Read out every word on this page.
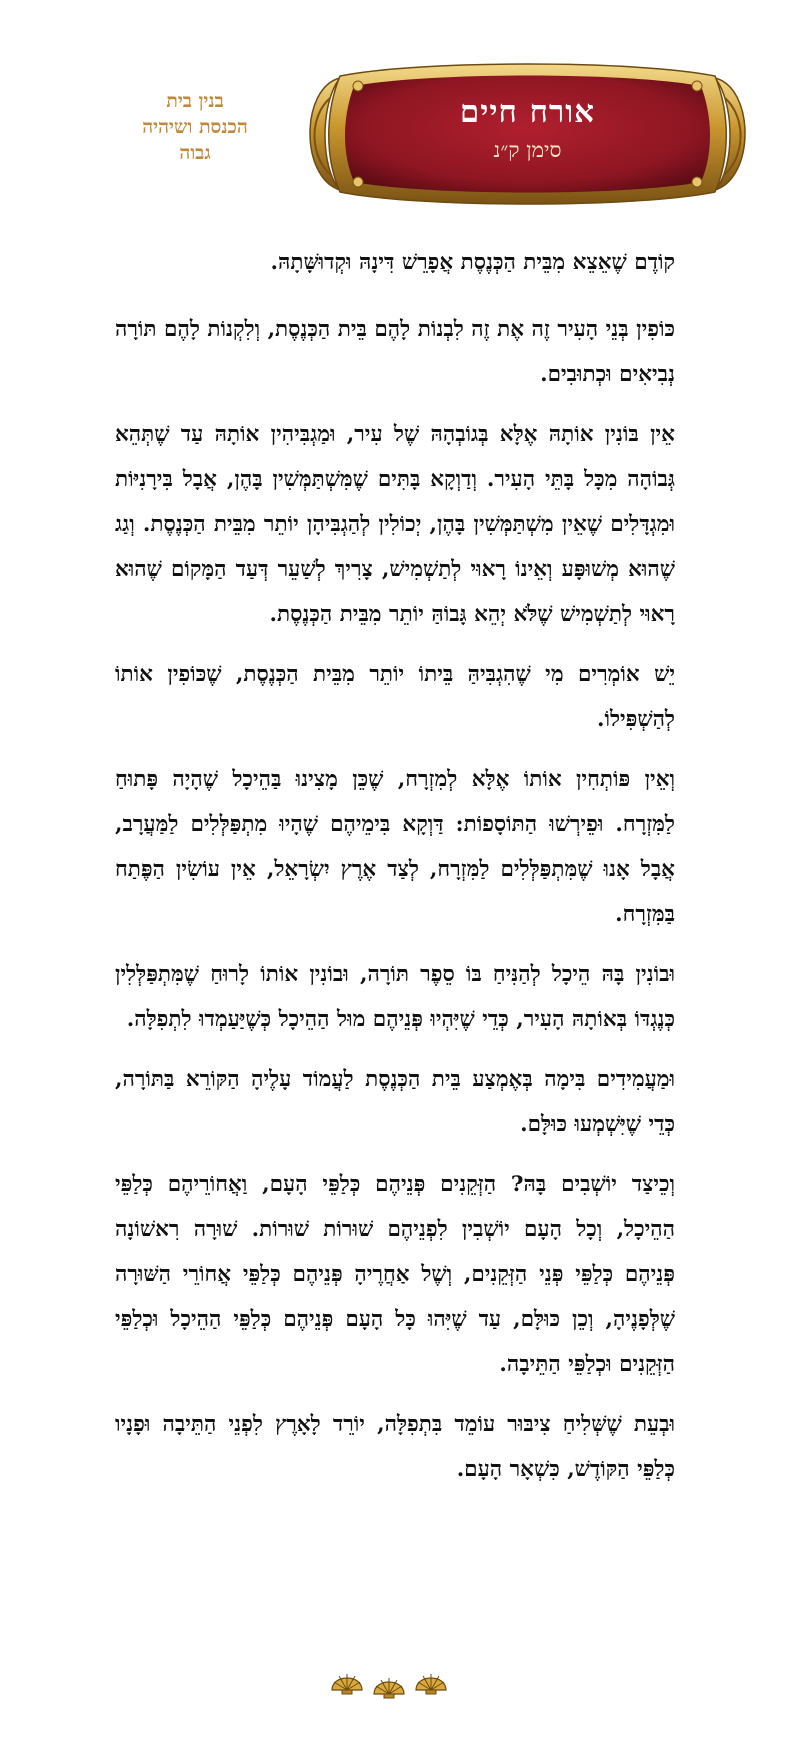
בנין בית
הכנסת ושיהיה
גבוה
אורח חיים
סימן ק״נ

קוֹדֶם שֶׁאֵצֵא מִבֵּית הַכְּנֶסֶת אֲפָרֵשׁ דִּינָהּ וּקְדוּשָּׁתָהּ.

כּוֹפִין בְּנֵי הָעִיר זֶה אֶת זֶה לִבְנוֹת לָהֶם בֵּית הַכְּנֶסֶת, וְלִקְנוֹת לָהֶם תּוֹרָה נְבִיאִים וּכְתוּבִים.

אֵין בּוֹנִין אוֹתָהּ אֶלָּא בְּגוֹבְהָהּ שֶׁל עִיר, וּמַגְבִּיהִין אוֹתָהּ עַד שֶׁתְּהֵא גְּבוֹהָה מִכָּל בָּתֵּי הָעִיר. וְדַוְקָא בָּתִּים שֶׁמִּשְׁתַּמְּשִׁין בָּהֶן, אֲבָל בִּירָנִיּוֹת וּמִגְדָּלִים שֶׁאֵין מִשְׁתַּמְּשִׁין בָּהֶן, יְכוֹלִין לְהַגְבִּיהָן יוֹתֵר מִבֵּית הַכְּנֶסֶת. וְגַג שֶׁהוּא מְשׁוּפָּע וְאֵינוֹ רָאוּי לְתַשְׁמִישׁ, צָרִיךְ לְשַׁעֵר דְּעַד הַמָּקוֹם שֶׁהוּא רָאוּי לְתַשְׁמִישׁ שֶׁלֹּא יְהֵא גָּבוֹהַּ יוֹתֵר מִבֵּית הַכְּנֶסֶת.

יֵשׁ אוֹמְרִים מִי שֶׁהִגְבִּיהַּ בֵּיתוֹ יוֹתֵר מִבֵּית הַכְּנֶסֶת, שֶׁכּוֹפִין אוֹתוֹ לְהַשְׁפִּילוֹ.

וְאֵין פּוֹתְחִין אוֹתוֹ אֶלָּא לְמִזְרָח, שֶׁכֵּן מָצִינוּ בַּהֵיכָל שֶׁהָיָה פָּתוּחַ לַמִּזְרָח. וּפֵירְשׁוּ הַתּוֹסָפוֹת: דַּוְקָא בִּימֵיהֶם שֶׁהָיוּ מִתְפַּלְּלִים לַמַּעֲרָב, אֲבָל אָנוּ שֶׁמִּתְפַּלְּלִים לַמִּזְרָח, לְצַד אֶרֶץ יִשְׂרָאֵל, אֵין עוֹשִׂין הַפֶּתַח בַּמִּזְרָח.

וּבוֹנִין בָּהּ הֵיכָל לְהַנִּיחַ בּוֹ סֵפֶר תּוֹרָה, וּבוֹנִין אוֹתוֹ לָרוּחַ שֶׁמִּתְפַּלְּלִין כְּנֶגְדּוֹ בְּאוֹתָהּ הָעִיר, כְּדֵי שֶׁיִּהְיוּ פְּנֵיהֶם מוּל הַהֵיכָל כְּשֶׁיַּעַמְדוּ לִתְפִלָּה.

וּמַעֲמִידִים בִּימָה בְּאֶמְצַע בֵּית הַכְּנֶסֶת לַעֲמוֹד עָלֶיהָ הַקּוֹרֵא בַּתּוֹרָה, כְּדֵי שֶׁיִּשְׁמְעוּ כּוּלָּם.

וְכֵיצַד יוֹשְׁבִים בָּהּ? הַזְּקֵנִים פְּנֵיהֶם כְּלַפֵּי הָעָם, וַאֲחוֹרֵיהֶם כְּלַפֵּי הַהֵיכָל, וְכָל הָעָם יוֹשְׁבִין לִפְנֵיהֶם שׁוּרוֹת שׁוּרוֹת. שׁוּרָה רִאשׁוֹנָה פְּנֵיהֶם כְּלַפֵּי פְּנֵי הַזְּקֵנִים, וְשֶׁל אַחֲרֶיהָ פְּנֵיהֶם כְּלַפֵּי אֲחוֹרֵי הַשּׁוּרָה שֶׁלְּפָנֶיהָ, וְכֵן כּוּלָּם, עַד שֶׁיִּהוּ כָּל הָעָם פְּנֵיהֶם כְּלַפֵּי הַהֵיכָל וּכְלַפֵּי הַזְּקֵנִים וּכְלַפֵּי הַתֵּיבָה.

וּבְעֵת שֶׁשְּׁלִיחַ צִיבּוּר עוֹמֵד בִּתְפִלָּה, יוֹרֵד לָאָרֶץ לִפְנֵי הַתֵּיבָה וּפָנָיו כְּלַפֵּי הַקּוֹדֶשׁ, כִּשְׁאָר הָעָם.
